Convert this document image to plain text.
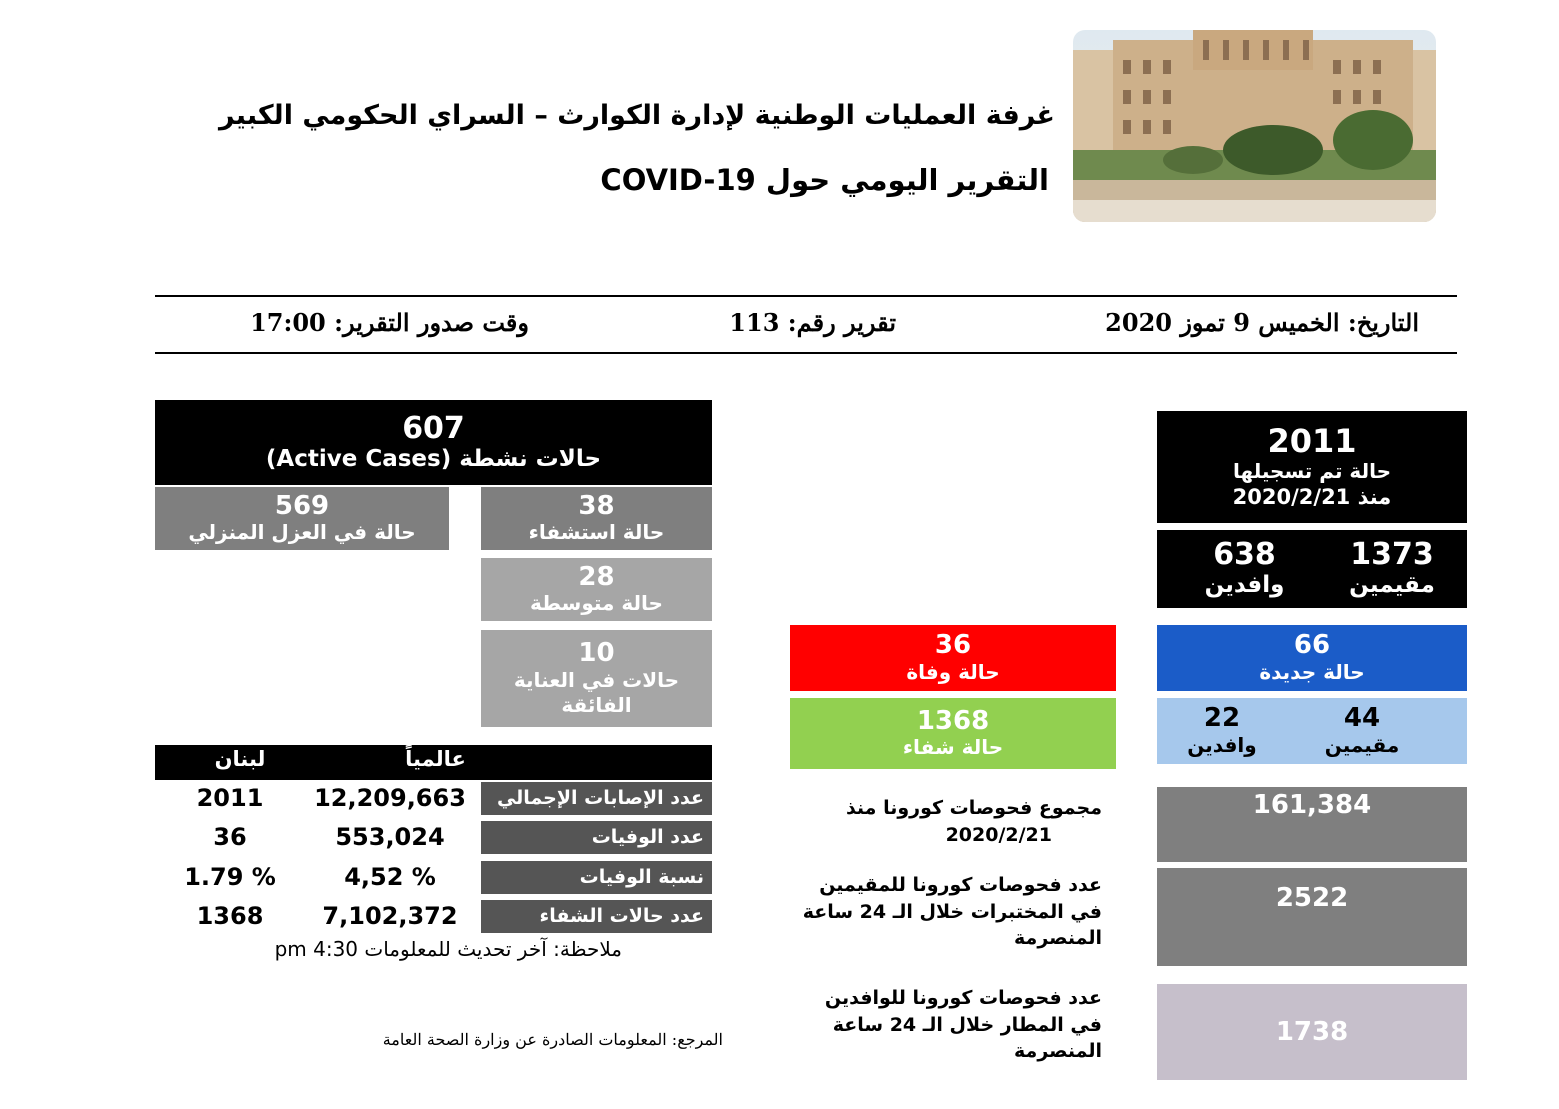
غرفة العمليات الوطنية لإدارة الكوارث – السراي الحكومي الكبير
التقرير اليومي حول COVID-19
التاريخ: الخميس 9 تموز 2020
تقرير رقم: 113
وقت صدور التقرير: 17:00
607
حالات نشطة (Active Cases)
569
حالة في العزل المنزلي
38
حالة استشفاء
28
حالة متوسطة
10
حالات في العناية الفائقة
2011
حالة تم تسجيلها
منذ 2020/2/21
1373
مقيمين
638
وافدين
66
حالة جديدة
44
مقيمين
22
وافدين
36
حالة وفاة
1368
حالة شفاء
عالمياً
لبنان
عدد الإصابات الإجمالي
12,209,663
2011
عدد الوفيات
553,024
36
نسبة الوفيات
4,52 %
1.79 %
عدد حالات الشفاء
7,102,372
1368
ملاحظة: آخر تحديث للمعلومات 4:30 pm
المرجع: المعلومات الصادرة عن وزارة الصحة العامة
مجموع فحوصات كورونا منذ
2020/2/21
161,384
عدد فحوصات كورونا للمقيمين
في المختبرات خلال الـ 24 ساعة
المنصرمة
2522
عدد فحوصات كورونا للوافدين
في المطار خلال الـ 24 ساعة
المنصرمة
1738
